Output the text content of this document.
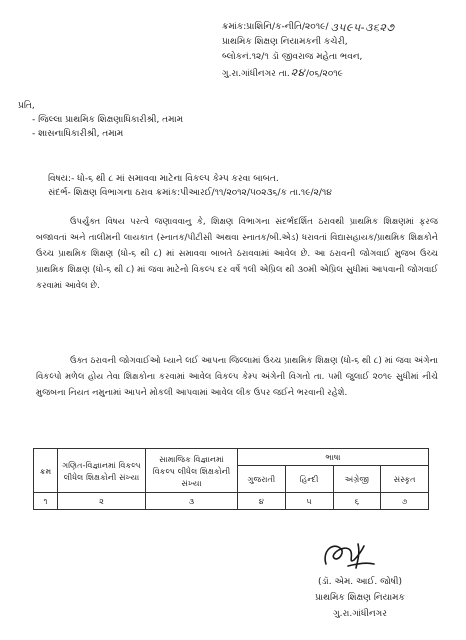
ક્રમાંક:પ્રાશિનિ/ક-નીતિ/૨૦૧૯/ ૩૫૯૫-૩૬૨૭
પ્રાથમિક શિક્ષણ નિયામકની કચેરી,
બ્લોકનં.૧૨/૧ ડૉ જીવરાજ મહેતા ભવન,
ગુ.રા.ગાંધીનગર તા.૨૪/૦૬/૨૦૧૯
પ્રતિ,
- જિલ્લા પ્રાથમિક શિક્ષણાધિકારીશ્રી, તમામ
- શાસનાધિકારીશ્રી, તમામ
વિષય:- ધો-૬ થી ૮ માં સમાવવા માટેના વિકલ્પ કેમ્પ કરવા બાબત.
સંદર્ભ- શિક્ષણ વિભાગના ઠરાવ ક્રમાંક:પીઆરઈ/૧૧/૨૦૧૨/૫૦૨૩૬/ક તા.૧૯/૨/૧૪
ઉપર્યુક્ત વિષય પરત્વે જણાવવાનુ કે, શિક્ષણ વિભાગના સંદર્ભદર્શિત ઠરાવથી પ્રાથમિક શિક્ષણમાં ફરજ બજાવતાં અને તાલીમની લાયકાત (સ્નાતક/પીટીસી અથવા સ્નાતક/બી.એડ) ધરાવતાં વિદ્યાસહાયક/પ્રાથમિક શિક્ષકોને ઉચ્ચ પ્રાથમિક શિક્ષણ (ધો-૬ થી ૮) માં સમાવવા બાબતે ઠરાવવામાં આવેલ છે. આ ઠરાવની જોગવાઈ મુજબ ઉચ્ચ પ્રાથમિક શિક્ષણ (ધો-૬ થી ૮) માં જવા માટેનો વિકલ્પ દર વર્ષે ૧લી એપ્રિલ થી ૩૦મી એપ્રિલ સુધીમાં આપવાની જોગવાઈ કરવામાં આવેલ છે.
ઉક્ત ઠરાવની જોગવાઈઓ ધ્યાને લઈ આપના જિલ્લામાં ઉચ્ચ પ્રાથમિક શિક્ષણ (ધો-૬ થી ૮) માં જવા અંગેના વિકલ્પો મળેલ હોય તેવા શિક્ષકોના કરવામાં આવેલ વિકલ્પ કેમ્પ અંગેની વિગતો તા. ૫મી જુલાઈ ૨૦૧૯ સુધીમાં નીચે મુજબના નિયત નમુનામાં આપને મોકલી આપવામાં આવેલ લીક ઉપર જઈને ભરવાની રહેશે.
ક્રમ	ગણિત-વિજ્ઞાનમાં વિકલ્પ લીધેલ શિક્ષકોની સંખ્યા	સામાજિક વિજ્ઞાનમાં વિકલ્પ લીધેલ શિક્ષકોની સંખ્યા	ભાષા			
			ગુજરાતી	હિન્દી	અંગ્રેજી	સંસ્કૃત
૧	૨	૩	૪	૫	૬	૭
(ડૉ. એમ. આઈ. જોષી)
પ્રાથમિક શિક્ષણ નિયામક
ગુ.રા.ગાંધીનગર
